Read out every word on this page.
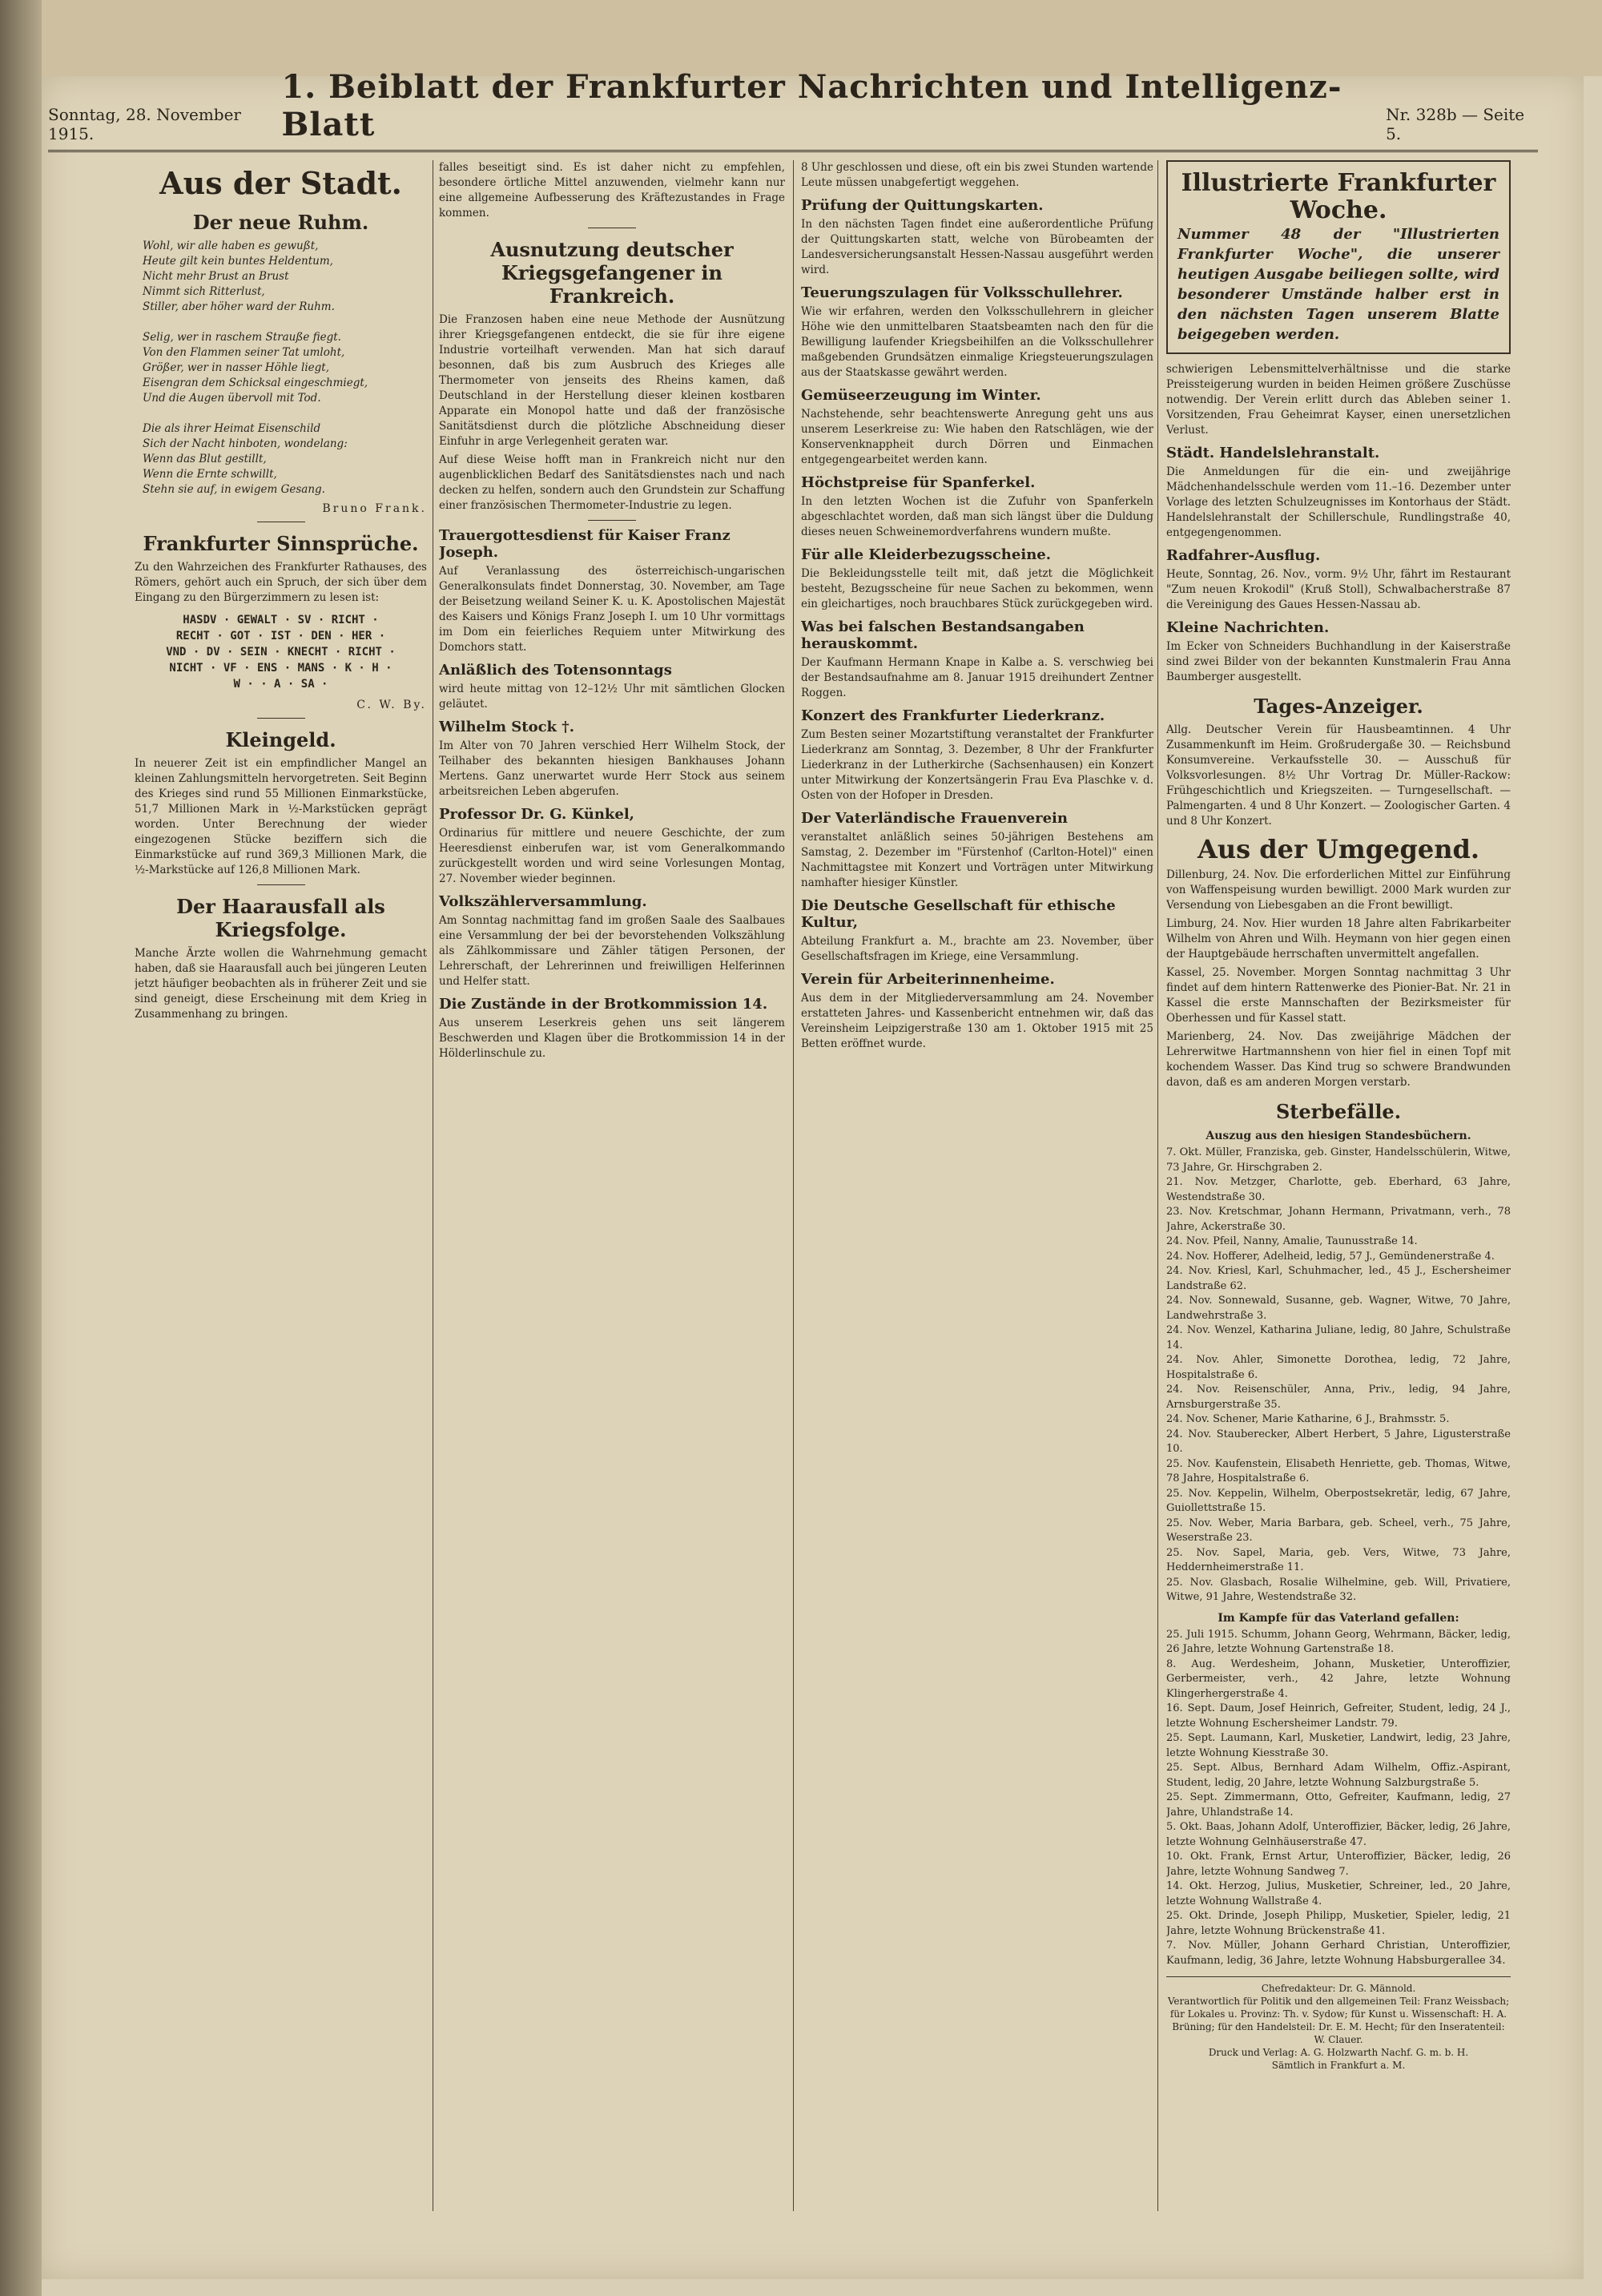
Sonntag, 28. November 1915.
1. Beiblatt der Frankfurter Nachrichten und Intelligenz-Blatt	Nr. 328b — Seite 5.
Aus der Stadt.
Der neue Ruhm.
Wohl, wir alle haben es gewußt,
Heute gilt kein buntes Heldentum,
Nicht mehr Brust an Brust
Nimmt sich Ritterlust,
Stiller, aber höher ward der Ruhm.

Selig, wer in raschem Strauße fiegt.
Von den Flammen seiner Tat umloht,
Größer, wer in nasser Höhle liegt,
Eisengran dem Schicksal eingeschmiegt,
Und die Augen übervoll mit Tod.

Die als ihrer Heimat Eisenschild
Sich der Nacht hinboten, wondelang:
Wenn das Blut gestillt,
Wenn die Ernte schwillt,
Stehn sie auf, in ewigem Gesang.
Bruno Frank.
Frankfurter Sinnsprüche.

Zu den Wahrzeichen des Frankfurter Rathauses, des Römers, gehört auch ein Spruch, der sich über dem Eingang zu den Bürgerzimmern zu lesen ist:

HASDV · GEWALT · SV · RICHT ·
RECHT · GOT · IST · DEN · HER ·
VND · DV · SEIN · KNECHT · RICHT ·
NICHT · VF · ENS · MANS · K · H ·
W · · A · SA ·
C. W. By.
Kleingeld.

In neuerer Zeit ist ein empfindlicher Mangel an kleinen Zahlungsmitteln hervorgetreten. Seit Beginn des Krieges sind rund 55 Millionen Einmarkstücke, 51,7 Millionen Mark in ½-Markstücken geprägt worden. Unter Berechnung der wieder eingezogenen Stücke beziffern sich die Einmarkstücke auf rund 369,3 Millionen Mark, die ½-Markstücke auf 126,8 Millionen Mark.

Der Haarausfall als Kriegsfolge.

Manche Ärzte wollen die Wahrnehmung gemacht haben, daß sie Haarausfall auch bei jüngeren Leuten jetzt häufiger beobachten als in früherer Zeit und sie sind geneigt, diese Erscheinung mit dem Krieg in Zusammenhang zu bringen.

falles beseitigt sind. Es ist daher nicht zu empfehlen, besondere örtliche Mittel anzuwenden, vielmehr kann nur eine allgemeine Aufbesserung des Kräftezustandes in Frage kommen.

Ausnutzung deutscher Kriegsgefangener in Frankreich.

Die Franzosen haben eine neue Methode der Ausnützung ihrer Kriegsgefangenen entdeckt, die sie für ihre eigene Industrie vorteilhaft verwenden. Man hat sich darauf besonnen, daß bis zum Ausbruch des Krieges alle Thermometer von jenseits des Rheins kamen, daß Deutschland in der Herstellung dieser kleinen kostbaren Apparate ein Monopol hatte und daß der französische Sanitätsdienst durch die plötzliche Abschneidung dieser Einfuhr in arge Verlegenheit geraten war.

Auf diese Weise hofft man in Frankreich nicht nur den augenblicklichen Bedarf des Sanitätsdienstes nach und nach decken zu helfen, sondern auch den Grundstein zur Schaffung einer französischen Thermometer-Industrie zu legen.

Trauergottesdienst für Kaiser Franz Joseph.

Auf Veranlassung des österreichisch-ungarischen Generalkonsulats findet Donnerstag, 30. November, am Tage der Beisetzung weiland Seiner K. u. K. Apostolischen Majestät des Kaisers und Königs Franz Joseph I. um 10 Uhr vormittags im Dom ein feierliches Requiem unter Mitwirkung des Domchors statt.

Anläßlich des Totensonntags

wird heute mittag von 12–12½ Uhr mit sämtlichen Glocken geläutet.

Wilhelm Stock †.

Im Alter von 70 Jahren verschied Herr Wilhelm Stock, der Teilhaber des bekannten hiesigen Bankhauses Johann Mertens. Ganz unerwartet wurde Herr Stock aus seinem arbeitsreichen Leben abgerufen.

Professor Dr. G. Künkel,

Ordinarius für mittlere und neuere Geschichte, der zum Heeresdienst einberufen war, ist vom Generalkommando zurückgestellt worden und wird seine Vorlesungen Montag, 27. November wieder beginnen.

Volkszählerversammlung.

Am Sonntag nachmittag fand im großen Saale des Saalbaues eine Versammlung der bei der bevorstehenden Volkszählung als Zählkommissare und Zähler tätigen Personen, der Lehrerschaft, der Lehrerinnen und freiwilligen Helferinnen und Helfer statt.

Die Zustände in der Brotkommission 14.

Aus unserem Leserkreis gehen uns seit längerem Beschwerden und Klagen über die Brotkommission 14 in der Hölderlinschule zu.

8 Uhr geschlossen und diese, oft ein bis zwei Stunden wartende Leute müssen unabgefertigt weggehen.

Prüfung der Quittungskarten.

In den nächsten Tagen findet eine außerordentliche Prüfung der Quittungskarten statt, welche von Bürobeamten der Landesversicherungsanstalt Hessen-Nassau ausgeführt werden wird.

Teuerungszulagen für Volksschullehrer.

Wie wir erfahren, werden den Volksschullehrern in gleicher Höhe wie den unmittelbaren Staatsbeamten nach den für die Bewilligung laufender Kriegsbeihilfen an die Volksschullehrer maßgebenden Grundsätzen einmalige Kriegsteuerungszulagen aus der Staatskasse gewährt werden.

Gemüseerzeugung im Winter.

Nachstehende, sehr beachtenswerte Anregung geht uns aus unserem Leserkreise zu: Wie haben den Ratschlägen, wie der Konservenknappheit durch Dörren und Einmachen entgegengearbeitet werden kann.

Höchstpreise für Spanferkel.

In den letzten Wochen ist die Zufuhr von Spanferkeln abgeschlachtet worden, daß man sich längst über die Duldung dieses neuen Schweinemordverfahrens wundern mußte.

Für alle Kleiderbezugsscheine.

Die Bekleidungsstelle teilt mit, daß jetzt die Möglichkeit besteht, Bezugsscheine für neue Sachen zu bekommen, wenn ein gleichartiges, noch brauchbares Stück zurückgegeben wird.

Was bei falschen Bestandsangaben herauskommt.

Der Kaufmann Hermann Knape in Kalbe a. S. verschwieg bei der Bestandsaufnahme am 8. Januar 1915 dreihundert Zentner Roggen.

Konzert des Frankfurter Liederkranz.

Zum Besten seiner Mozartstiftung veranstaltet der Frankfurter Liederkranz am Sonntag, 3. Dezember, 8 Uhr der Frankfurter Liederkranz in der Lutherkirche (Sachsenhausen) ein Konzert unter Mitwirkung der Konzertsängerin Frau Eva Plaschke v. d. Osten von der Hofoper in Dresden.

Der Vaterländische Frauenverein

veranstaltet anläßlich seines 50-jährigen Bestehens am Samstag, 2. Dezember im "Fürstenhof (Carlton-Hotel)" einen Nachmittagstee mit Konzert und Vorträgen unter Mitwirkung namhafter hiesiger Künstler.

Die Deutsche Gesellschaft für ethische Kultur,

Abteilung Frankfurt a. M., brachte am 23. November, über Gesellschaftsfragen im Kriege, eine Versammlung.

Verein für Arbeiterinnenheime.

Aus dem in der Mitgliederversammlung am 24. November erstatteten Jahres- und Kassenbericht entnehmen wir, daß das Vereinsheim Leipzigerstraße 130 am 1. Oktober 1915 mit 25 Betten eröffnet wurde.

Illustrierte Frankfurter Woche.
Nummer 48 der "Illustrierten Frankfurter Woche", die unserer heutigen Ausgabe beiliegen sollte, wird besonderer Umstände halber erst in den nächsten Tagen unserem Blatte beigegeben werden.

schwierigen Lebensmittelverhältnisse und die starke Preissteigerung wurden in beiden Heimen größere Zuschüsse notwendig. Der Verein erlitt durch das Ableben seiner 1. Vorsitzenden, Frau Geheimrat Kayser, einen unersetzlichen Verlust.

Städt. Handelslehranstalt.

Die Anmeldungen für die ein- und zweijährige Mädchenhandelsschule werden vom 11.–16. Dezember unter Vorlage des letzten Schulzeugnisses im Kontorhaus der Städt. Handelslehranstalt der Schillerschule, Rundlingstraße 40, entgegengenommen.

Radfahrer-Ausflug.

Heute, Sonntag, 26. Nov., vorm. 9½ Uhr, fährt im Restaurant "Zum neuen Krokodil" (Kruß Stoll), Schwalbacherstraße 87 die Vereinigung des Gaues Hessen-Nassau ab.

Kleine Nachrichten.

Im Ecker von Schneiders Buchhandlung in der Kaiserstraße sind zwei Bilder von der bekannten Kunstmalerin Frau Anna Baumberger ausgestellt.

Tages-Anzeiger.

Allg. Deutscher Verein für Hausbeamtinnen. 4 Uhr Zusammenkunft im Heim. Großrudergaße 30. — Reichsbund Konsumvereine. Verkaufsstelle 30. — Ausschuß für Volksvorlesungen. 8½ Uhr Vortrag Dr. Müller-Rackow: Frühgeschichtlich und Kriegszeiten. — Turngesellschaft. — Palmengarten. 4 und 8 Uhr Konzert. — Zoologischer Garten. 4 und 8 Uhr Konzert.

Aus der Umgegend.

Dillenburg, 24. Nov. Die erforderlichen Mittel zur Einführung von Waffenspeisung wurden bewilligt. 2000 Mark wurden zur Versendung von Liebesgaben an die Front bewilligt.

Limburg, 24. Nov. Hier wurden 18 Jahre alten Fabrikarbeiter Wilhelm von Ahren und Wilh. Heymann von hier gegen einen der Hauptgebäude herrschaften unvermittelt angefallen.

Kassel, 25. November. Morgen Sonntag nachmittag 3 Uhr findet auf dem hintern Rattenwerke des Pionier-Bat. Nr. 21 in Kassel die erste Mannschaften der Bezirksmeister für Oberhessen und für Kassel statt.

Marienberg, 24. Nov. Das zweijährige Mädchen der Lehrerwitwe Hartmannshenn von hier fiel in einen Topf mit kochendem Wasser. Das Kind trug so schwere Brandwunden davon, daß es am anderen Morgen verstarb.

Sterbefälle.
Auszug aus den hiesigen Standesbüchern.
7. Okt. Müller, Franziska, geb. Ginster, Handelsschülerin, Witwe, 73 Jahre, Gr. Hirschgraben 2.
21. Nov. Metzger, Charlotte, geb. Eberhard, 63 Jahre, Westendstraße 30.
23. Nov. Kretschmar, Johann Hermann, Privatmann, verh., 78 Jahre, Ackerstraße 30.
24. Nov. Pfeil, Nanny, Amalie, Taunusstraße 14.
24. Nov. Hofferer, Adelheid, ledig, 57 J., Gemündenerstraße 4.
24. Nov. Kriesl, Karl, Schuhmacher, led., 45 J., Eschersheimer Landstraße 62.
24. Nov. Sonnewald, Susanne, geb. Wagner, Witwe, 70 Jahre, Landwehrstraße 3.
24. Nov. Wenzel, Katharina Juliane, ledig, 80 Jahre, Schulstraße 14.
24. Nov. Ahler, Simonette Dorothea, ledig, 72 Jahre, Hospitalstraße 6.
24. Nov. Reisenschüler, Anna, Priv., ledig, 94 Jahre, Arnsburgerstraße 35.
24. Nov. Schener, Marie Katharine, 6 J., Brahmsstr. 5.
24. Nov. Stauberecker, Albert Herbert, 5 Jahre, Ligusterstraße 10.
25. Nov. Kaufenstein, Elisabeth Henriette, geb. Thomas, Witwe, 78 Jahre, Hospitalstraße 6.
25. Nov. Keppelin, Wilhelm, Oberpostsekretär, ledig, 67 Jahre, Guiollettstraße 15.
25. Nov. Weber, Maria Barbara, geb. Scheel, verh., 75 Jahre, Weserstraße 23.
25. Nov. Sapel, Maria, geb. Vers, Witwe, 73 Jahre, Heddernheimerstraße 11.
25. Nov. Glasbach, Rosalie Wilhelmine, geb. Will, Privatiere, Witwe, 91 Jahre, Westendstraße 32.
Im Kampfe für das Vaterland gefallen:
25. Juli 1915. Schumm, Johann Georg, Wehrmann, Bäcker, ledig, 26 Jahre, letzte Wohnung Gartenstraße 18.
8. Aug. Werdesheim, Johann, Musketier, Unteroffizier, Gerbermeister, verh., 42 Jahre, letzte Wohnung Klingerhergerstraße 4.
16. Sept. Daum, Josef Heinrich, Gefreiter, Student, ledig, 24 J., letzte Wohnung Eschersheimer Landstr. 79.
25. Sept. Laumann, Karl, Musketier, Landwirt, ledig, 23 Jahre, letzte Wohnung Kiesstraße 30.
25. Sept. Albus, Bernhard Adam Wilhelm, Offiz.-Aspirant, Student, ledig, 20 Jahre, letzte Wohnung Salzburgstraße 5.
25. Sept. Zimmermann, Otto, Gefreiter, Kaufmann, ledig, 27 Jahre, Uhlandstraße 14.
5. Okt. Baas, Johann Adolf, Unteroffizier, Bäcker, ledig, 26 Jahre, letzte Wohnung Gelnhäuserstraße 47.
10. Okt. Frank, Ernst Artur, Unteroffizier, Bäcker, ledig, 26 Jahre, letzte Wohnung Sandweg 7.
14. Okt. Herzog, Julius, Musketier, Schreiner, led., 20 Jahre, letzte Wohnung Wallstraße 4.
25. Okt. Drinde, Joseph Philipp, Musketier, Spieler, ledig, 21 Jahre, letzte Wohnung Brückenstraße 41.
7. Nov. Müller, Johann Gerhard Christian, Unteroffizier, Kaufmann, ledig, 36 Jahre, letzte Wohnung Habsburgerallee 34.
Chefredakteur: Dr. G. Männold.
Verantwortlich für Politik und den allgemeinen Teil: Franz Weissbach; für Lokales u. Provinz: Th. v. Sydow; für Kunst u. Wissenschaft: H. A. Brüning; für den Handelsteil: Dr. E. M. Hecht; für den Inseratenteil: W. Clauer.
Druck und Verlag: A. G. Holzwarth Nachf. G. m. b. H.
Sämtlich in Frankfurt a. M.
